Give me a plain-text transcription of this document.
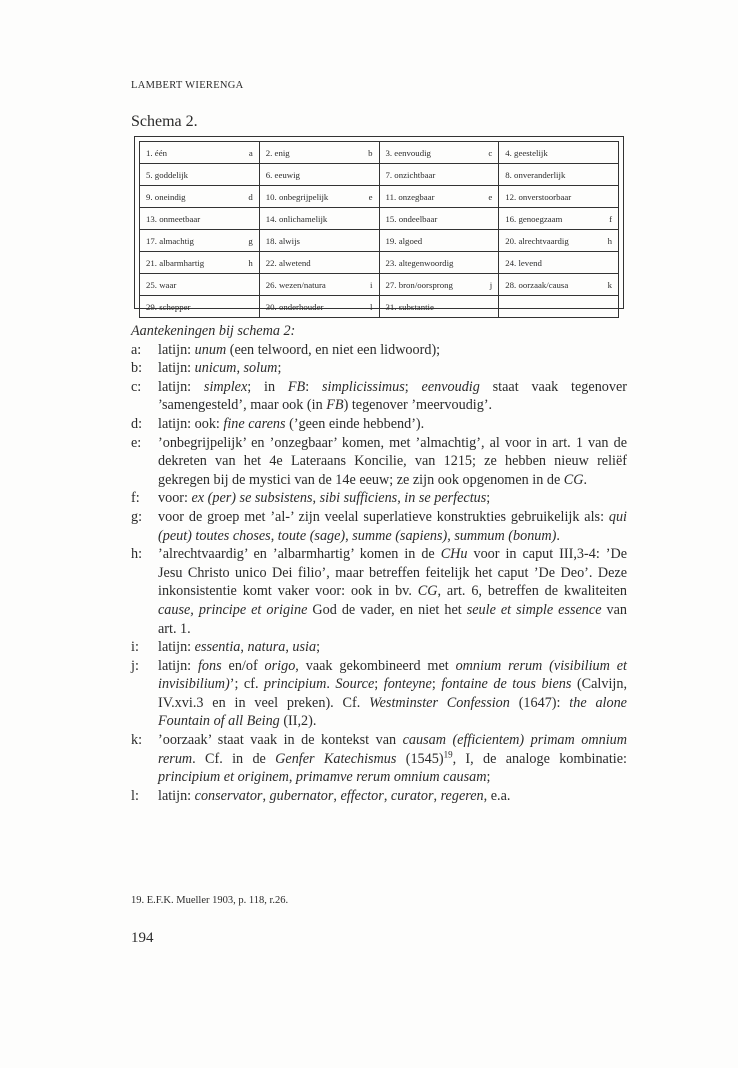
LAMBERT WIERENGA
Schema 2.
1. één a	2. enig b	3. eenvoudig c	4. geestelijk
5. goddelijk	6. eeuwig	7. onzichtbaar	8. onveranderlijk
9. oneindig d	10. onbegrijpelijk e	11. onzegbaar e	12. onverstoorbaar
13. onmeetbaar	14. onlichamelijk	15. ondeelbaar	16. genoegzaam f

17. almachtig g	18. alwijs	19. algoed	20. alrechtvaardig h

21. albarmhartig h	22. alwetend	23. altegenwoordig	24. levend
25. waar	26. wezen/natura i	27. bron/oorsprong j	28. oorzaak/causa k

29. schepper	30. onderhouder l	31. substantie	
Aantekeningen bij schema 2:
a:	latijn: unum (een telwoord, en niet een lidwoord);
b:	latijn: unicum, solum;
c:	latijn: simplex; in FB: simplicissimus; eenvoudig staat vaak tegenover ’samengesteld’, maar ook (in FB) tegenover ’meervoudig’.
d:	latijn: ook: fine carens (’geen einde hebbend’).
e:	’onbegrijpelijk’ en ’onzegbaar’ komen, met ’almachtig’, al voor in art. 1 van de dekreten van het 4e Lateraans Koncilie, van 1215; ze hebben nieuw reliëf gekregen bij de mystici van de 14e eeuw; ze zijn ook opgenomen in de CG.
f:	voor: ex (per) se subsistens, sibi sufficiens, in se perfectus;
g:	voor de groep met ’al-’ zijn veelal superlatieve konstrukties gebruikelijk als: qui (peut) toutes choses, toute (sage), summe (sapiens), summum (bonum).
h:	’alrechtvaardig’ en ’albarmhartig’ komen in de CHu voor in caput III,3-4: ’De Jesu Christo unico Dei filio’, maar betreffen feitelijk het caput ’De Deo’. Deze inkonsistentie komt vaker voor: ook in bv. CG, art. 6, betreffen de kwaliteiten cause, principe et origine God de vader, en niet het seule et simple essence van art. 1.
i:	latijn: essentia, natura, usia;
j:	latijn: fons en/of origo, vaak gekombineerd met omnium rerum (visibilium et invisibilium)’; cf. principium. Source; fonteyne; fontaine de tous biens (Calvijn, IV.xvi.3 en in veel preken). Cf. Westminster Confession (1647): the alone Fountain of all Being (II,2).
k:	’oorzaak’ staat vaak in de kontekst van causam (efficientem) primam omnium rerum. Cf. in de Genfer Katechismus $(1545)^{19}$, I, de analoge kombinatie: principium et originem, primamve rerum omnium causam;
l:	latijn: conservator, gubernator, effector, curator, regeren, e.a.
19. E.F.K. Mueller 1903, p. 118, r.26.
194
